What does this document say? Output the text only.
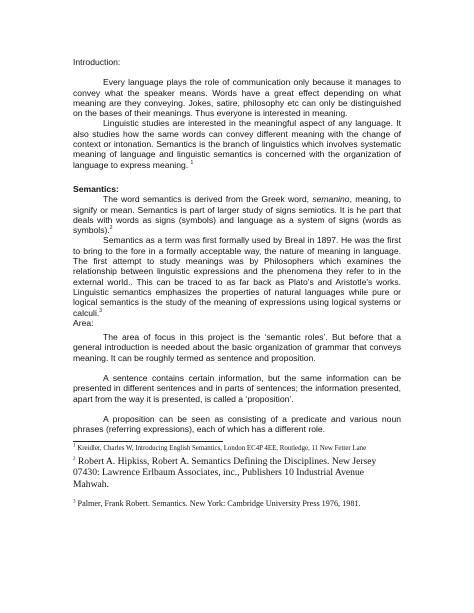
Introduction:

Every language plays the role of communication only because it manages to convey what the speaker means. Words have a great effect depending on what meaning are they conveying. Jokes, satire, philosophy etc can only be distinguished on the bases of their meanings. Thus everyone is interested in meaning.

Linguistic studies are interested in the meaningful aspect of any language. It also studies how the same words can convey different meaning with the change of context or intonation. Semantics is the branch of linguistics which involves systematic meaning of language and linguistic semantics is concerned with the organization of language to express meaning. $^1$

Semantics:

The word semantics is derived from the Greek word, semanino, meaning, to signify or mean. Semantics is part of larger study of signs semiotics. It is he part that deals with words as signs (symbols) and language as a system of signs (words as symbols).$^2$

Semantics as a term was first formally used by Breal in 1897. He was the first to bring to the fore in a formally acceptable way, the nature of meaning in language. The first attempt to study meanings was by Philosophers which examines the relationship between linguistic expressions and the phenomena they refer to in the external world.. This can be traced to as far back as Plato's and Aristotle's works. Linguistic semantics emphasizes the properties of natural languages while pure or logical semantics is the study of the meaning of expressions using logical systems or calculi.$^3$

Area:

The area of focus in this project is the ‘semantic roles’. But before that a general introduction is needed about the basic organization of grammar that conveys meaning. It can be roughly termed as sentence and proposition.

A sentence contains certain information, but the same information can be presented in different sentences and in parts of sentences; the information presented, apart from the way it is presented, is called a ‘proposition’.

A proposition can be seen as consisting of a predicate and various noun phrases (referring expressions), each of which has a different role.

$^1$ Kreidler, Charles W, Introducing English Semantics, London EC4P 4EE, Routledge, 11 New Fetter Lane

$^2$ Robert A. Hipkiss, Robert A. Semantics Defining the Disciplines. New Jersey 07430: Lawrence Erlbaum Associates, inc., Publishers 10 Industrial Avenue Mahwah.

$^3$ Palmer, Frank Robert. Semantics. New York: Cambridge University Press 1976, 1981.
